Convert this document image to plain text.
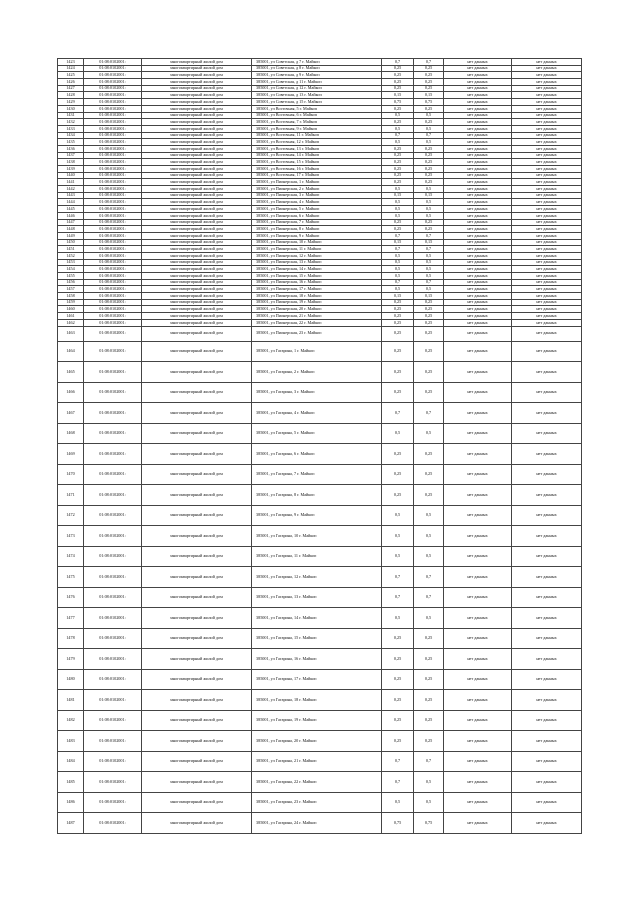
1423	01:08:0102001:	многоквартирный жилой дом	385001, ул Советская, д 7 г. Майкоп	0,7	0,7	нет данных	нет данных
1424	01:08:0102001:	многоквартирный жилой дом	385001, ул Советская, д 8 г. Майкоп	0,25	0,25	нет данных	нет данных
1425	01:08:0102001:	многоквартирный жилой дом	385001, ул Советская, д 9 г. Майкоп	0,25	0,25	нет данных	нет данных
1426	01:08:0102001:	многоквартирный жилой дом	385001, ул Советская, д 11 г. Майкоп	0,25	0,25	нет данных	нет данных
1427	01:08:0102001:	многоквартирный жилой дом	385001, ул Советская, д 12 г. Майкоп	0,25	0,25	нет данных	нет данных
1428	01:08:0102001:	многоквартирный жилой дом	385001, ул Советская, д 13 г. Майкоп	0,15	0,15	нет данных	нет данных
1429	01:08:0102001:	многоквартирный жилой дом	385001, ул Советская, д 15 г. Майкоп	0,75	0,75	нет данных	нет данных
1430	01:08:0102001:	многоквартирный жилой дом	385001, ул Восточная, 5 г. Майкоп	0,25	0,25	нет данных	нет данных
1431	01:08:0102001:	многоквартирный жилой дом	385001, ул Восточная, 6 г. Майкоп	0,5	0,5	нет данных	нет данных
1432	01:08:0102001:	многоквартирный жилой дом	385001, ул Восточная, 7 г. Майкоп	0,25	0,25	нет данных	нет данных
1433	01:08:0102001:	многоквартирный жилой дом	385001, ул Восточная, 9 г. Майкоп	0,5	0,5	нет данных	нет данных
1434	01:08:0102001:	многоквартирный жилой дом	385001, ул Восточная, 11 г. Майкоп	0,7	0,7	нет данных	нет данных
1435	01:08:0102001:	многоквартирный жилой дом	385001, ул Восточная, 12 г. Майкоп	0,5	0,5	нет данных	нет данных
1436	01:08:0102001:	многоквартирный жилой дом	385001, ул Восточная, 13 г. Майкоп	0,25	0,25	нет данных	нет данных
1437	01:08:0102001:	многоквартирный жилой дом	385001, ул Восточная, 14 г. Майкоп	0,25	0,25	нет данных	нет данных
1438	01:08:0102001:	многоквартирный жилой дом	385001, ул Восточная, 15 г. Майкоп	0,25	0,25	нет данных	нет данных
1439	01:08:0102001:	многоквартирный жилой дом	385001, ул Восточная, 16 г. Майкоп	0,25	0,25	нет данных	нет данных
1440	01:08:0102001:	многоквартирный жилой дом	385001, ул Восточная, 17 г. Майкоп	0,25	0,25	нет данных	нет данных
1441	01:08:0102001:	многоквартирный жилой дом	385001, ул Пионерская, 1 г. Майкоп	0,25	0,25	нет данных	нет данных
1442	01:08:0102001:	многоквартирный жилой дом	385001, ул Пионерская, 2 г. Майкоп	0,5	0,5	нет данных	нет данных
1443	01:08:0102001:	многоквартирный жилой дом	385001, ул Пионерская, 3 г. Майкоп	0,15	0,15	нет данных	нет данных
1444	01:08:0102001:	многоквартирный жилой дом	385001, ул Пионерская, 4 г. Майкоп	0,5	0,5	нет данных	нет данных
1445	01:08:0102001:	многоквартирный жилой дом	385001, ул Пионерская, 5 г. Майкоп	0,5	0,5	нет данных	нет данных
1446	01:08:0102001:	многоквартирный жилой дом	385001, ул Пионерская, 6 г. Майкоп	0,5	0,5	нет данных	нет данных
1447	01:08:0102001:	многоквартирный жилой дом	385001, ул Пионерская, 7 г. Майкоп	0,25	0,25	нет данных	нет данных
1448	01:08:0102001:	многоквартирный жилой дом	385001, ул Пионерская, 8 г. Майкоп	0,25	0,25	нет данных	нет данных
1449	01:08:0102001:	многоквартирный жилой дом	385001, ул Пионерская, 9 г. Майкоп	0,7	0,7	нет данных	нет данных
1450	01:08:0102001:	многоквартирный жилой дом	385001, ул Пионерская, 10 г. Майкоп	0,15	0,15	нет данных	нет данных
1451	01:08:0102001:	многоквартирный жилой дом	385001, ул Пионерская, 11 г. Майкоп	0,7	0,7	нет данных	нет данных
1452	01:08:0102001:	многоквартирный жилой дом	385001, ул Пионерская, 12 г. Майкоп	0,5	0,5	нет данных	нет данных
1453	01:08:0102001:	многоквартирный жилой дом	385001, ул Пионерская, 13 г. Майкоп	0,5	0,5	нет данных	нет данных
1454	01:08:0102001:	многоквартирный жилой дом	385001, ул Пионерская, 14 г. Майкоп	0,5	0,5	нет данных	нет данных
1455	01:08:0102001:	многоквартирный жилой дом	385001, ул Пионерская, 15 г. Майкоп	0,5	0,5	нет данных	нет данных
1456	01:08:0102001:	многоквартирный жилой дом	385001, ул Пионерская, 16 г. Майкоп	0,7	0,7	нет данных	нет данных
1457	01:08:0102001:	многоквартирный жилой дом	385001, ул Пионерская, 17 г. Майкоп	0,5	0,5	нет данных	нет данных
1458	01:08:0102001:	многоквартирный жилой дом	385001, ул Пионерская, 18 г. Майкоп	0,15	0,15	нет данных	нет данных
1459	01:08:0102001:	многоквартирный жилой дом	385001, ул Пионерская, 19 г. Майкоп	0,25	0,25	нет данных	нет данных
1460	01:08:0102001:	многоквартирный жилой дом	385001, ул Пионерская, 20 г. Майкоп	0,25	0,25	нет данных	нет данных
1461	01:08:0102001:	многоквартирный жилой дом	385001, ул Пионерская, 21 г. Майкоп	0,25	0,25	нет данных	нет данных
1462	01:08:0102001:	многоквартирный жилой дом	385001, ул Пионерская, 22 г. Майкоп	0,25	0,25	нет данных	нет данных
1463	01:08:0102001:	многоквартирный жилой дом	385001, ул Пионерская, 23 г. Майкоп	0,25	0,25	нет данных	нет данных
1464	01:08:0102001:	многоквартирный жилой дом	385001, ул Гагарина, 1 г. Майкоп	0,25	0,25	нет данных	нет данных
1465	01:08:0102001:	многоквартирный жилой дом	385001, ул Гагарина, 2 г. Майкоп	0,25	0,25	нет данных	нет данных
1466	01:08:0102001:	многоквартирный жилой дом	385001, ул Гагарина, 3 г. Майкоп	0,25	0,25	нет данных	нет данных
1467	01:08:0102001:	многоквартирный жилой дом	385001, ул Гагарина, 4 г. Майкоп	0,7	0,7	нет данных	нет данных
1468	01:08:0102001:	многоквартирный жилой дом	385001, ул Гагарина, 5 г. Майкоп	0,5	0,5	нет данных	нет данных
1469	01:08:0102001:	многоквартирный жилой дом	385001, ул Гагарина, 6 г. Майкоп	0,25	0,25	нет данных	нет данных
1470	01:08:0102001:	многоквартирный жилой дом	385001, ул Гагарина, 7 г. Майкоп	0,25	0,25	нет данных	нет данных
1471	01:08:0102001:	многоквартирный жилой дом	385001, ул Гагарина, 8 г. Майкоп	0,25	0,25	нет данных	нет данных
1472	01:08:0102001:	многоквартирный жилой дом	385001, ул Гагарина, 9 г. Майкоп	0,5	0,5	нет данных	нет данных
1473	01:08:0102001:	многоквартирный жилой дом	385001, ул Гагарина, 10 г. Майкоп	0,5	0,5	нет данных	нет данных
1474	01:08:0102001:	многоквартирный жилой дом	385001, ул Гагарина, 11 г. Майкоп	0,5	0,5	нет данных	нет данных
1475	01:08:0102001:	многоквартирный жилой дом	385001, ул Гагарина, 12 г. Майкоп	0,7	0,7	нет данных	нет данных
1476	01:08:0102001:	многоквартирный жилой дом	385001, ул Гагарина, 13 г. Майкоп	0,7	0,7	нет данных	нет данных
1477	01:08:0102001:	многоквартирный жилой дом	385001, ул Гагарина, 14 г. Майкоп	0,5	0,5	нет данных	нет данных
1478	01:08:0102001:	многоквартирный жилой дом	385001, ул Гагарина, 15 г. Майкоп	0,25	0,25	нет данных	нет данных
1479	01:08:0102001:	многоквартирный жилой дом	385001, ул Гагарина, 16 г. Майкоп	0,25	0,25	нет данных	нет данных
1480	01:08:0102001:	многоквартирный жилой дом	385001, ул Гагарина, 17 г. Майкоп	0,25	0,25	нет данных	нет данных
1481	01:08:0102001:	многоквартирный жилой дом	385001, ул Гагарина, 18 г. Майкоп	0,25	0,25	нет данных	нет данных
1482	01:08:0102001:	многоквартирный жилой дом	385001, ул Гагарина, 19 г. Майкоп	0,25	0,25	нет данных	нет данных
1483	01:08:0102001:	многоквартирный жилой дом	385001, ул Гагарина, 20 г. Майкоп	0,25	0,25	нет данных	нет данных
1484	01:08:0102001:	многоквартирный жилой дом	385001, ул Гагарина, 21 г. Майкоп	0,7	0,7	нет данных	нет данных
1485	01:08:0102001:	многоквартирный жилой дом	385001, ул Гагарина, 22 г. Майкоп	0,7	0,5	нет данных	нет данных
1486	01:08:0102001:	многоквартирный жилой дом	385001, ул Гагарина, 23 г. Майкоп	0,5	0,5	нет данных	нет данных
1487	01:08:0102001:	многоквартирный жилой дом	385001, ул Гагарина, 24 г. Майкоп	0,75	0,75	нет данных	нет данных
